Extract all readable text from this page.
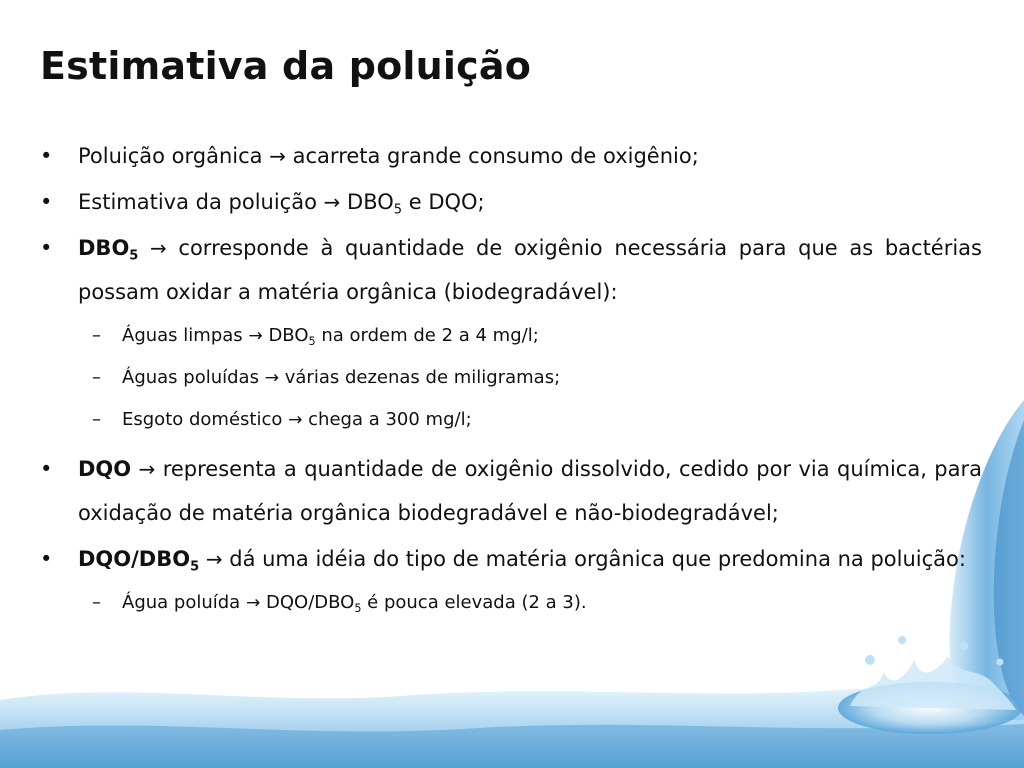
Estimativa da poluição
• Poluição orgânica → acarreta grande consumo de oxigênio;
• Estimativa da poluição → $DBO_5$ e DQO;
• $DBO_5$ → corresponde à quantidade de oxigênio necessária para que as bactérias possam oxidar a matéria orgânica (biodegradável):
– Águas limpas → $DBO_5$ na ordem de 2 a 4 mg/l;
– Águas poluídas → várias dezenas de miligramas;
– Esgoto doméstico → chega a 300 mg/l;
• DQO → representa a quantidade de oxigênio dissolvido, cedido por via química, para oxidação de matéria orgânica biodegradável e não-biodegradável;
• DQO/$DBO_5$ → dá uma idéia do tipo de matéria orgânica que predomina na poluição:
– Água poluída → DQO/$DBO_5$ é pouca elevada (2 a 3).
